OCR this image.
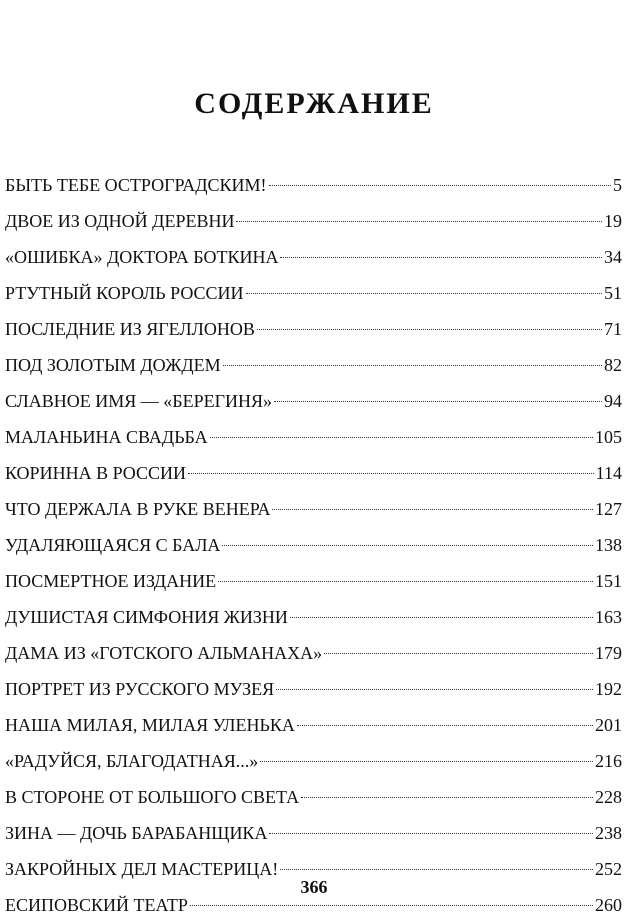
СОДЕРЖАНИЕ
БЫТЬ ТЕБЕ ОСТРОГРАДСКИМ!	5
ДВОЕ ИЗ ОДНОЙ ДЕРЕВНИ	19
«ОШИБКА» ДОКТОРА БОТКИНА	34
РТУТНЫЙ КОРОЛЬ РОССИИ	51
ПОСЛЕДНИЕ ИЗ ЯГЕЛЛОНОВ	71
ПОД ЗОЛОТЫМ ДОЖДЕМ	82
СЛАВНОЕ ИМЯ — «БЕРЕГИНЯ»	94
МАЛАНЬИНА СВАДЬБА	105
КОРИННА В РОССИИ	114
ЧТО ДЕРЖАЛА В РУКЕ ВЕНЕРА	127
УДАЛЯЮЩАЯСЯ С БАЛА	138
ПОСМЕРТНОЕ ИЗДАНИЕ	151
ДУШИСТАЯ СИМФОНИЯ ЖИЗНИ	163
ДАМА ИЗ «ГОТСКОГО АЛЬМАНАХА»	179
ПОРТРЕТ ИЗ РУССКОГО МУЗЕЯ	192
НАША МИЛАЯ, МИЛАЯ УЛЕНЬКА	201
«РАДУЙСЯ, БЛАГОДАТНАЯ...»	216
В СТОРОНЕ ОТ БОЛЬШОГО СВЕТА	228
ЗИНА — ДОЧЬ БАРАБАНЩИКА	238
ЗАКРОЙНЫХ ДЕЛ МАСТЕРИЦА!	252
ЕСИПОВСКИЙ ТЕАТР	260
366
